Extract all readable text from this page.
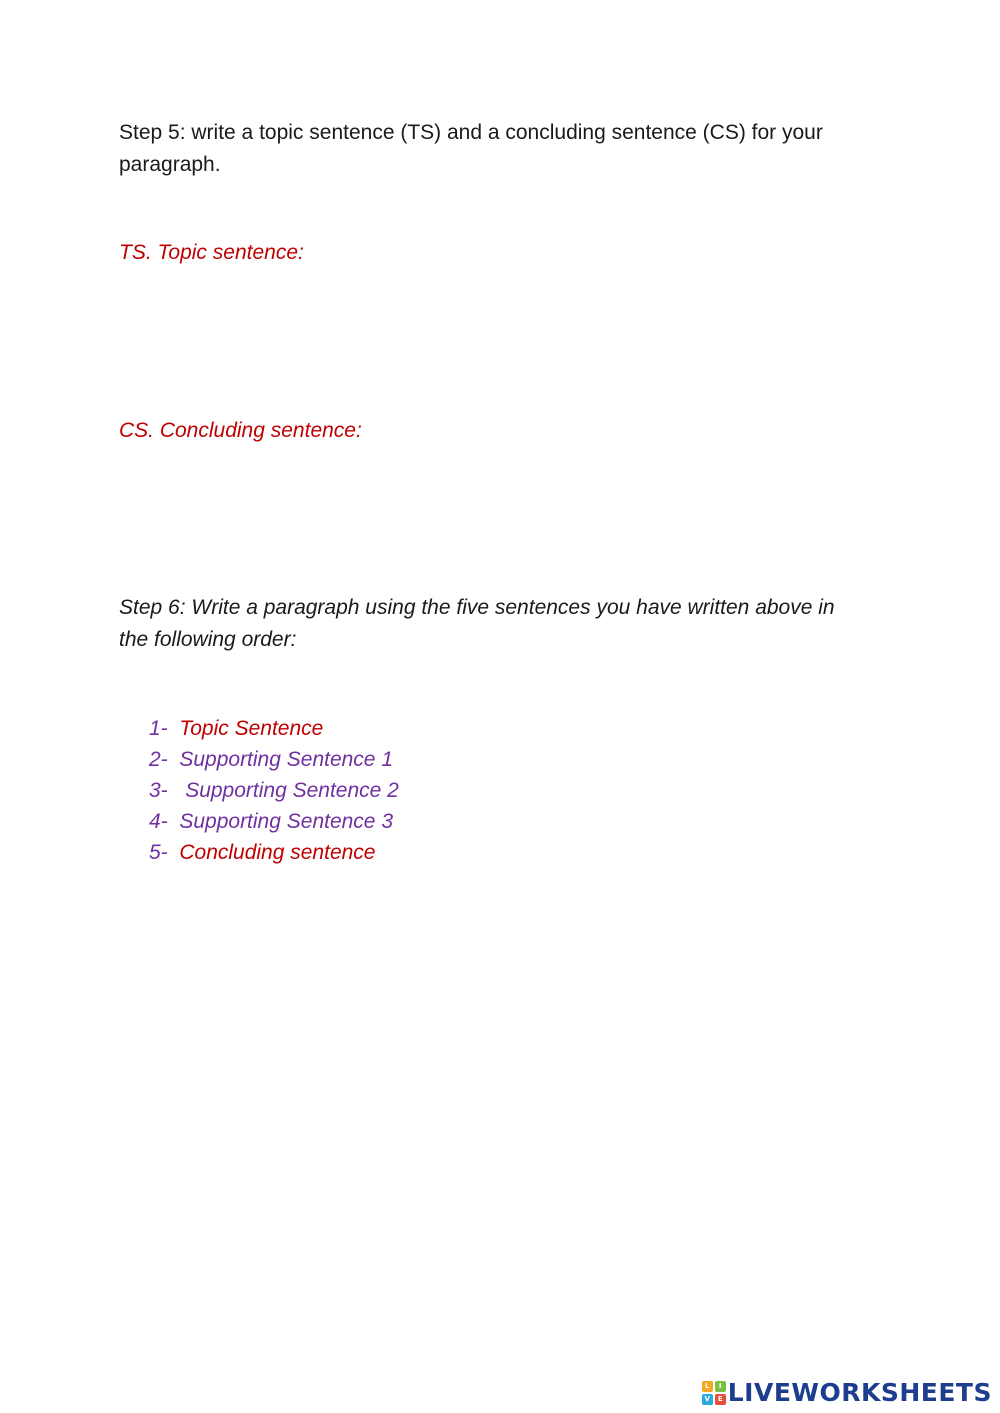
Step 5: write a topic sentence (TS) and a concluding sentence (CS) for your paragraph.

TS. Topic sentence:

CS. Concluding sentence:

Step 6: Write a paragraph using the five sentences you have written above in the following order:

1-  Topic Sentence
2-  Supporting Sentence 1
3-   Supporting Sentence 2
4-  Supporting Sentence 3
5-  Concluding sentence
L	I
V	E LIVEWORKSHEETS
